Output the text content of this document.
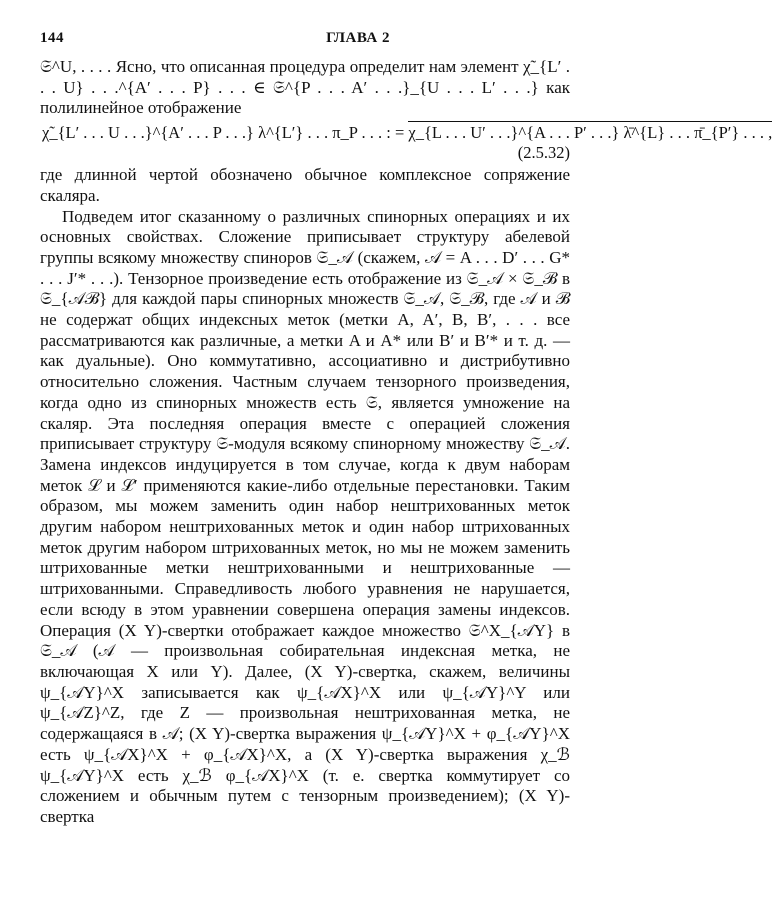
144	ГЛАВА 2

𝔖^U, . . . . Ясно, что описанная процедура определит нам элемент χ̃_{L′ . . . U} . . .^{A′ . . . P} . . . ∈ 𝔖^{P . . . A′ . . .}_{U . . . L′ . . .} как полилинейное отображение

χ̃_{L′ . . . U . . .}^{A′ . . . P . . .} λ^{L′} . . . π_P . . . : = χ_{L . . . U′ . . .}^{A . . . P′ . . .} λ̄^{L} . . . π̄_{P′} . . . ,
(2.5.32)

где длинной чертой обозначено обычное комплексное сопряжение скаляра.

Подведем итог сказанному о различных спинорных операциях и их основных свойствах. Сложение приписывает структуру абелевой группы всякому множеству спиноров 𝔖_𝒜 (скажем, 𝒜 = A . . . D′ . . . G* . . . J′* . . .). Тензорное произведение есть отображение из 𝔖_𝒜 × 𝔖_ℬ в 𝔖_{𝒜ℬ} для каждой пары спинорных множеств 𝔖_𝒜, 𝔖_ℬ, где 𝒜 и ℬ не содержат общих индексных меток (метки A, A′, B, B′, . . . все рассматриваются как различные, а метки A и A* или B′ и B′* и т. д. — как дуальные). Оно коммутативно, ассоциативно и дистрибутивно относительно сложения. Частным случаем тензорного произведения, когда одно из спинорных множеств есть 𝔖, является умножение на скаляр. Эта последняя операция вместе с операцией сложения приписывает структуру 𝔖-модуля всякому спинорному множеству 𝔖_𝒜. Замена индексов индуцируется в том случае, когда к двум наборам меток ℒ и ℒ′ применяются какие-либо отдельные перестановки. Таким образом, мы можем заменить один набор нештрихованных меток другим набором нештрихованных меток и один набор штрихованных меток другим набором штрихованных меток, но мы не можем заменить штрихованные метки нештрихованными и нештрихованные — штрихованными. Справедливость любого уравнения не нарушается, если всюду в этом уравнении совершена операция замены индексов. Операция (X Y)-свертки отображает каждое множество 𝔖^X_{𝒜Y} в 𝔖_𝒜 (𝒜 — произвольная собирательная индексная метка, не включающая X или Y). Далее, (X Y)-свертка, скажем, величины ψ_{𝒜Y}^X записывается как ψ_{𝒜X}^X или ψ_{𝒜Y}^Y или ψ_{𝒜Z}^Z, где Z — произвольная нештрихованная метка, не содержащаяся в 𝒜; (X Y)-свертка выражения ψ_{𝒜Y}^X + φ_{𝒜Y}^X есть ψ_{𝒜X}^X + φ_{𝒜X}^X, а (X Y)-свертка выражения χ_ℬ ψ_{𝒜Y}^X есть χ_ℬ φ_{𝒜X}^X (т. е. свертка коммутирует со сложением и обычным путем с тензорным произведением); (X Y)-свертка
